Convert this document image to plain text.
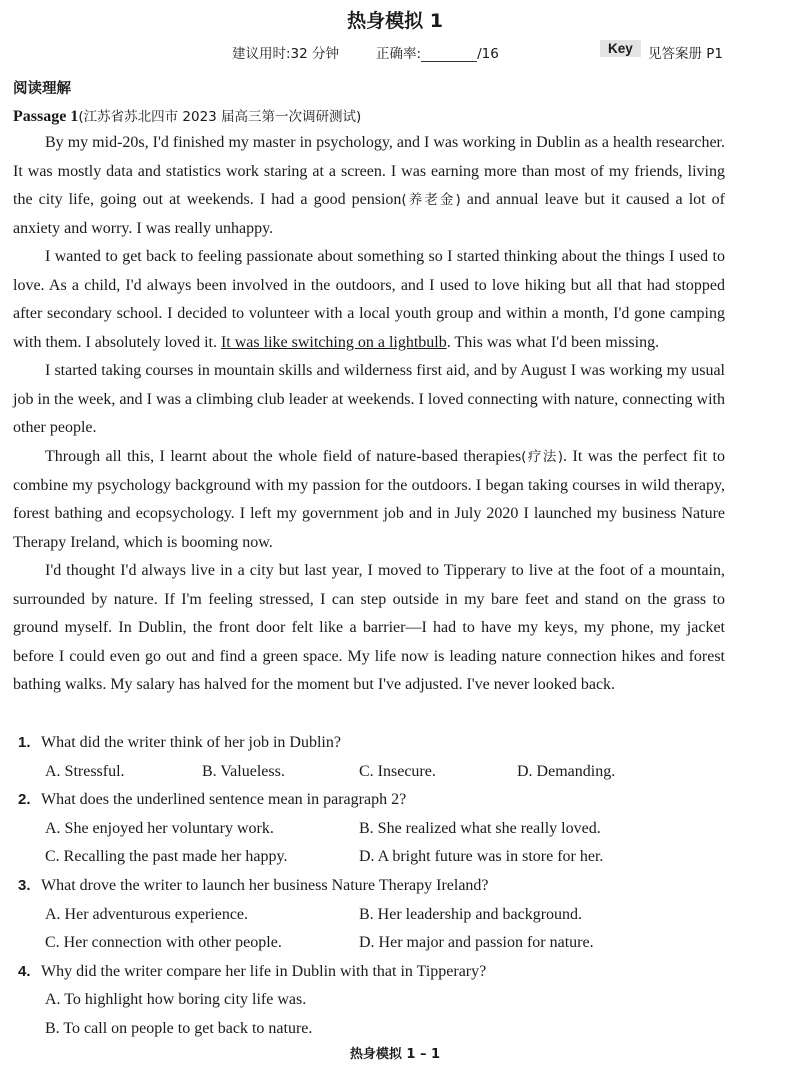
热身模拟 1
建议用时:32 分钟	正确率:	/16	Key	见答案册 P1
阅读理解
Passage 1(江苏省苏北四市 2023 届高三第一次调研测试)

By my mid-20s, I'd finished my master in psychology, and I was working in Dublin as a health researcher. It was mostly data and statistics work staring at a screen. I was earning more than most of my friends, living the city life, going out at weekends. I had a good pension(养老金) and annual leave but it caused a lot of anxiety and worry. I was really unhappy.

I wanted to get back to feeling passionate about something so I started thinking about the things I used to love. As a child, I'd always been involved in the outdoors, and I used to love hiking but all that had stopped after secondary school. I decided to volunteer with a local youth group and within a month, I'd gone camping with them. I absolutely loved it. It was like switching on a lightbulb. This was what I'd been missing.

I started taking courses in mountain skills and wilderness first aid, and by August I was working my usual job in the week, and I was a climbing club leader at weekends. I loved connecting with nature, connecting with other people.

Through all this, I learnt about the whole field of nature-based therapies(疗法). It was the perfect fit to combine my psychology background with my passion for the outdoors. I began taking courses in wild therapy, forest bathing and ecopsychology. I left my government job and in July 2020 I launched my business Nature Therapy Ireland, which is booming now.

I'd thought I'd always live in a city but last year, I moved to Tipperary to live at the foot of a mountain, surrounded by nature. If I'm feeling stressed, I can step outside in my bare feet and stand on the grass to ground myself. In Dublin, the front door felt like a barrier—I had to have my keys, my phone, my jacket before I could even go out and find a green space. My life now is leading nature connection hikes and forest bathing walks. My salary has halved for the moment but I've adjusted. I've never looked back.

1. What did the writer think of her job in Dublin?
A. Stressful.	B. Valueless.	C. Insecure.	D. Demanding.
2. What does the underlined sentence mean in paragraph 2?
A. She enjoyed her voluntary work.	B. She realized what she really loved.
C. Recalling the past made her happy.	D. A bright future was in store for her.
3. What drove the writer to launch her business Nature Therapy Ireland?
A. Her adventurous experience.	B. Her leadership and background.
C. Her connection with other people.	D. Her major and passion for nature.
4. Why did the writer compare her life in Dublin with that in Tipperary?
A. To highlight how boring city life was.
B. To call on people to get back to nature.
热身模拟 1 – 1
